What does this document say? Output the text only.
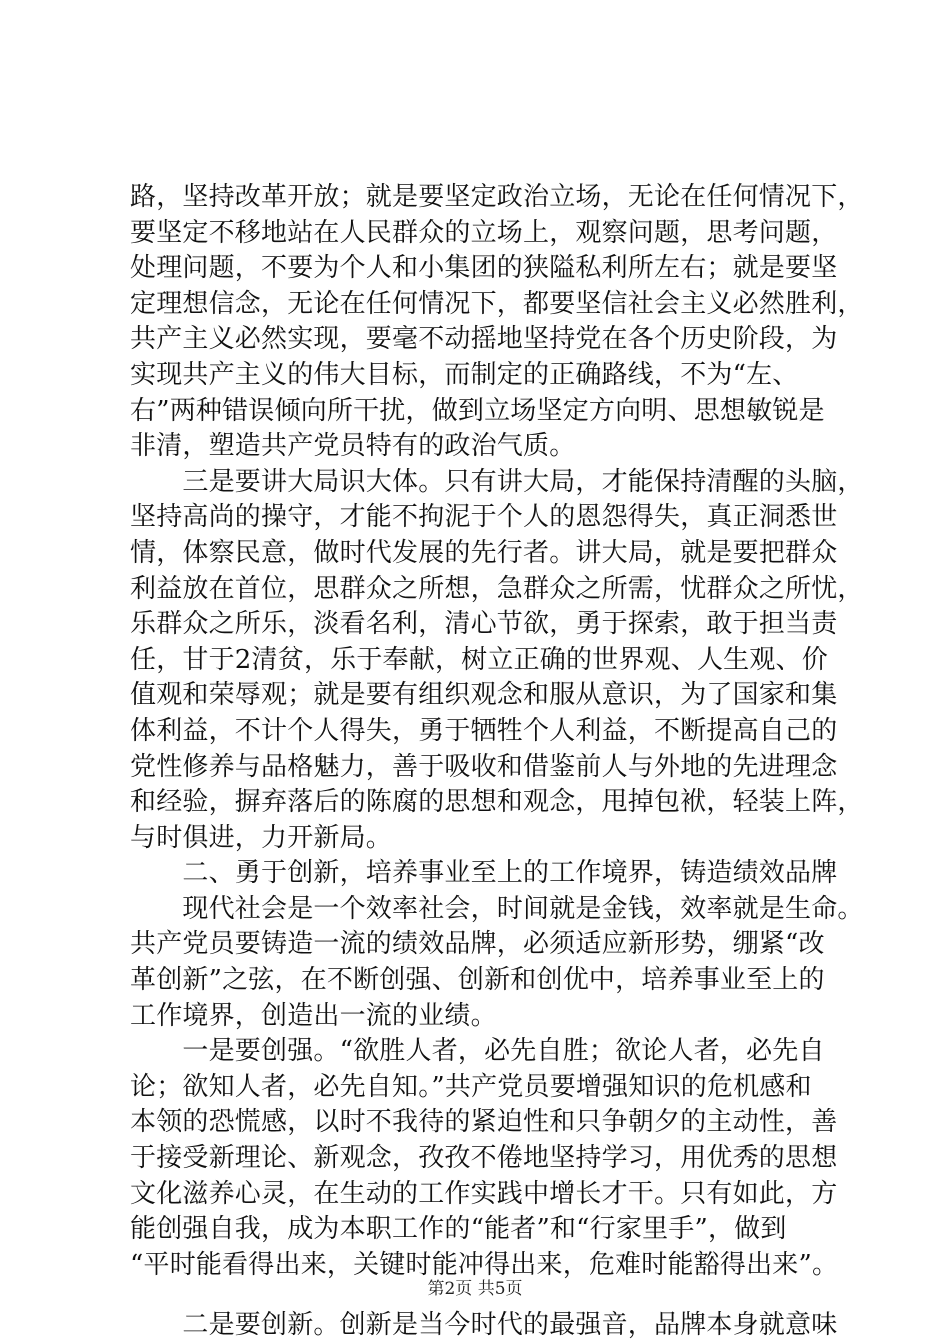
路，坚持改革开放；就是要坚定政治立场，无论在任何情况下，
要坚定不移地站在人民群众的立场上，观察问题，思考问题，
处理问题，不要为个人和小集团的狭隘私利所左右；就是要坚
定理想信念，无论在任何情况下，都要坚信社会主义必然胜利，
共产主义必然实现，要毫不动摇地坚持党在各个历史阶段，为
实现共产主义的伟大目标，而制定的正确路线，不为“左、
右”两种错误倾向所干扰，做到立场坚定方向明、思想敏锐是
非清，塑造共产党员特有的政治气质。
　　三是要讲大局识大体。只有讲大局，才能保持清醒的头脑，
坚持高尚的操守，才能不拘泥于个人的恩怨得失，真正洞悉世
情，体察民意，做时代发展的先行者。讲大局，就是要把群众
利益放在首位，思群众之所想，急群众之所需，忧群众之所忧，
乐群众之所乐，淡看名利，清心节欲，勇于探索，敢于担当责
任，甘于2清贫，乐于奉献，树立正确的世界观、人生观、价
值观和荣辱观；就是要有组织观念和服从意识，为了国家和集
体利益，不计个人得失，勇于牺牲个人利益，不断提高自己的
党性修养与品格魅力，善于吸收和借鉴前人与外地的先进理念
和经验，摒弃落后的陈腐的思想和观念，甩掉包袱，轻装上阵，
与时俱进，力开新局。
　　二、勇于创新，培养事业至上的工作境界，铸造绩效品牌
　　现代社会是一个效率社会，时间就是金钱，效率就是生命。
共产党员要铸造一流的绩效品牌，必须适应新形势，绷紧“改
革创新”之弦，在不断创强、创新和创优中，培养事业至上的
工作境界，创造出一流的业绩。
　　一是要创强。“欲胜人者，必先自胜；欲论人者，必先自
论；欲知人者，必先自知。”共产党员要增强知识的危机感和
本领的恐慌感，以时不我待的紧迫性和只争朝夕的主动性，善
于接受新理论、新观念，孜孜不倦地坚持学习，用优秀的思想
文化滋养心灵，在生动的工作实践中增长才干。只有如此，方
能创强自我，成为本职工作的“能者”和“行家里手”，做到
“平时能看得出来，关键时能冲得出来，危难时能豁得出来”。
　　二是要创新。创新是当今时代的最强音，品牌本身就意味
第2页 共5页
